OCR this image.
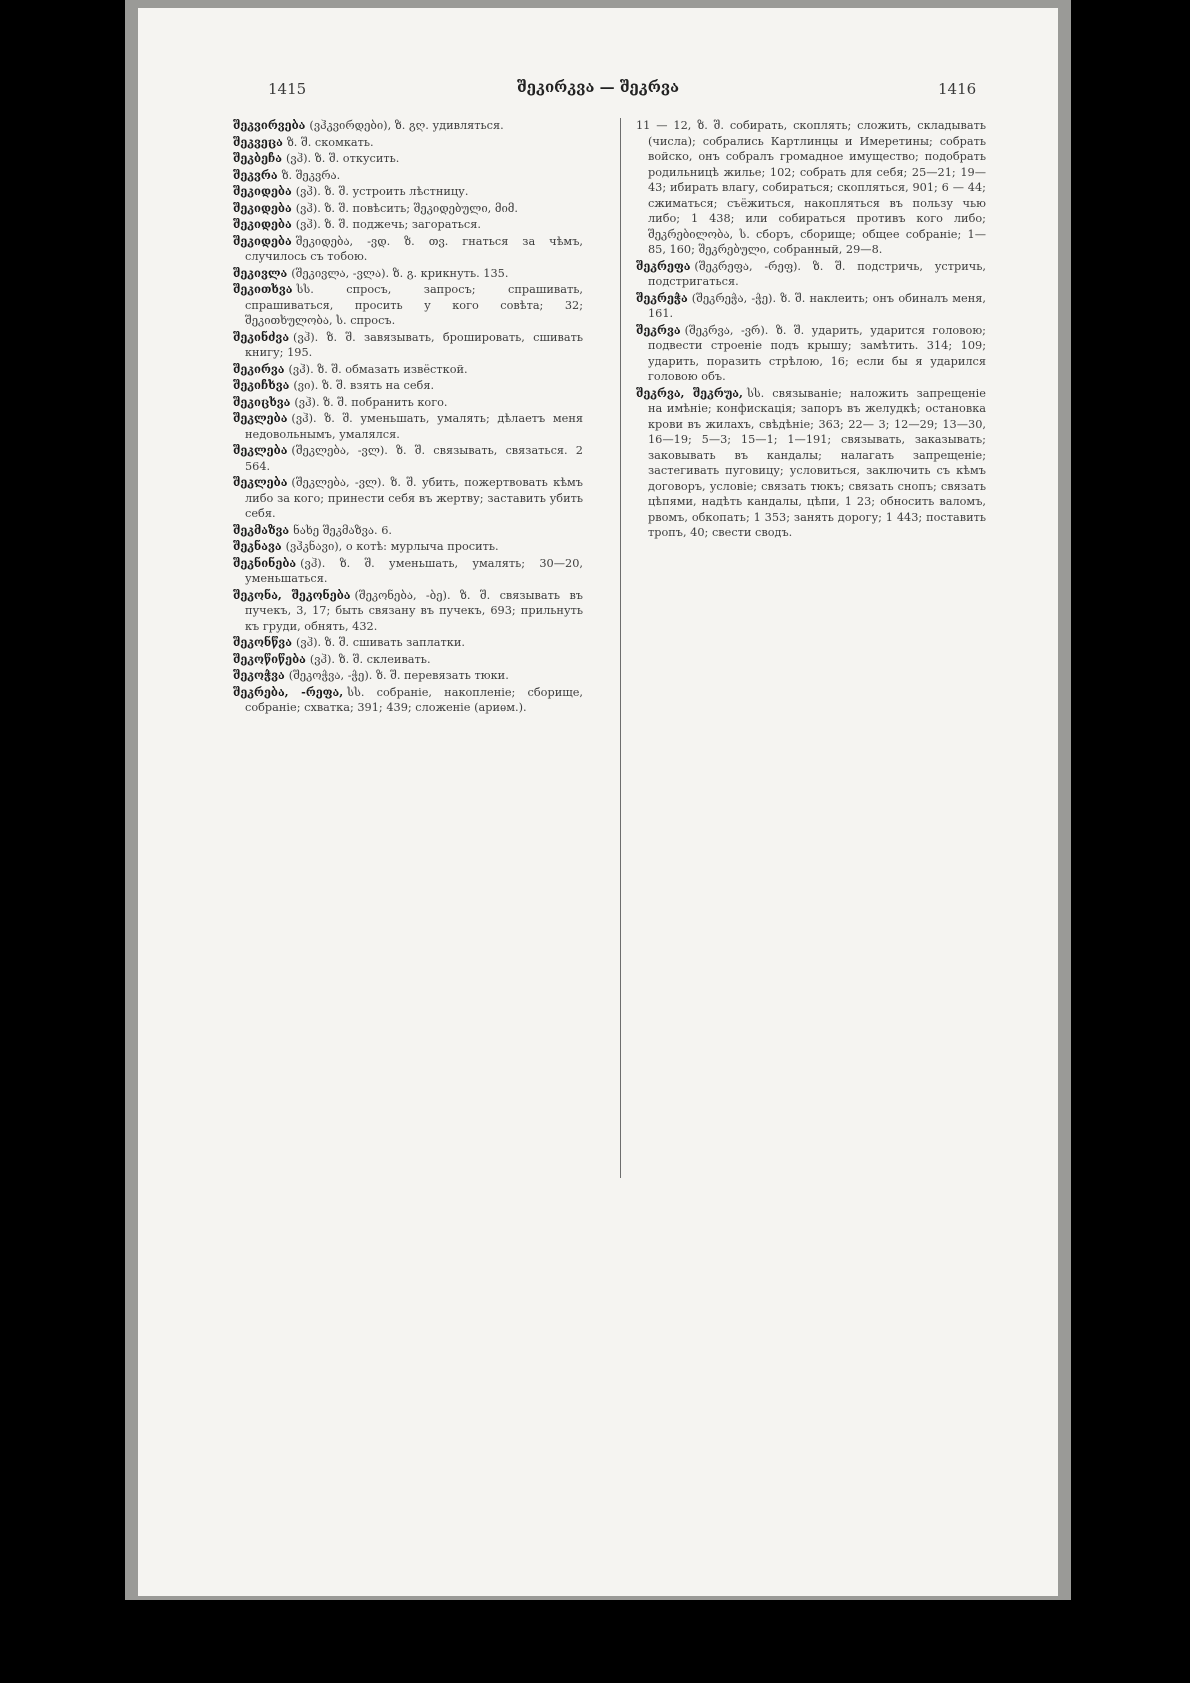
1415	შეკირკვა — შეკრვა	1416
შეკვირვება (ვჰკვირდები), ზ. გღ. удивляться.
შეკვეცა ზ. შ. скомкать.
შეკბეჩა (ვჰ). ზ. შ. откусить.
შეკვრა ზ. შეკვრა.
შეკიდება (ვჰ). ზ. შ. устроить лѣстницу.
შეკიდება (ვჰ). ზ. შ. повѣсить; შეკიდებული, მიმ.
შეკიდება (ვჰ). ზ. შ. поджечь; загораться.
შეკიდება შეკიდება, -ვდ. ზ. თვ. гнаться за чѣмъ, случилось съ тобою.
შეკივლა (შეკივლა, -ვლა). ზ. გ. крикнуть. 135.
შეკითხვა სს. спросъ, запросъ; спрашивать, спрашиваться, просить у кого совѣта; 32; შეკითხულობა, ს. спросъ.
შეკინძვა (ვჰ). ზ. შ. завязывать, брошировать, сшивать книгу; 195.
შეკირვა (ვჰ). ზ. შ. обмазать извёсткой.
შეკიჩხვა (ვი). ზ. შ. взять на себя.
შეკიცხვა (ვჰ). ზ. შ. побранить кого.
შეკლება (ვჰ). ზ. შ. уменьшать, умалять; дѣлаетъ меня недовольнымъ, умалялся.
შეკლება (შეკლება, -ვლ). ზ. შ. связывать, связаться. 2 564.
შეკლება (შეკლება, -ვლ). ზ. შ. убить, пожертвовать кѣмъ либо за кого; принести себя въ жертву; заставить убить себя.
შეკმაზვა ნახე შეკმაზვა. 6.
შეკნავა (ვჰკნავი), о котѣ: мурлыча просить.
შეკნინება (ვჰ). ზ. შ. уменьшать, умалять; 30—20, уменьшаться.
შეკონა, შეკონება (შეკონება, -ბე). ზ. შ. связывать въ пучекъ, 3, 17; быть связану въ пучекъ, 693; прильнуть къ груди, обнять, 432.
შეკონწვა (ვჰ). ზ. შ. сшивать заплатки.
შეკოწიწება (ვჰ). ზ. შ. склеивать.
შეკოჭვა (შეკოჭვა, -ჭე). ზ. შ. перевязать тюки.
შეკრება, -რეფა, სს. собраніе, накопленіе; сборище, собраніе; схватка; 391; 439; сложеніе (ариѳм.).
11 — 12, ზ. შ. собирать, скоплять; сложить, складывать (числа); собрались Картлинцы и Имеретины; собрать войско, онъ собралъ громадное имущество; подобрать родильницѣ жилье; 102; собрать для себя; 25—21; 19—43; ибирать влагу, собираться; скопляться, 901; 6 — 44; сжиматься; съёжиться, накопляться въ пользу чью либо; 1 438; или собираться противъ кого либо; შეკრებილობა, ს. сборъ, сборище; общее собраніе; 1—85, 160; შეკრებული, собранный, 29—8.
შეკრეფა (შეკრეფა, -რეფ). ზ. შ. подстричь, устричь, подстригаться.
შეკრეჭა (შეკრეჭა, -ჭე). ზ. შ. наклеить; онъ обиналъ меня, 161.
შეკრვა (შეკრვა, -ვრ). ზ. შ. ударить, ударится головою; подвести строеніе подъ крышу; замѣтить. 314; 109; ударить, поразить стрѣлою, 16; если бы я ударился головою объ.
შეკრვა, შეკრუა, სს. связываніе; наложить запрещеніе на имѣніе; конфискація; запоръ въ желудкѣ; остановка крови въ жилахъ, свѣдѣніе; 363; 22— 3; 12—29; 13—30, 16—19; 5—3; 15—1; 1—191; связывать, заказывать; заковывать въ кандалы; налагать запрещеніе; застегивать пуговицу; условиться, заключить съ кѣмъ договоръ, условіе; связать тюкъ; связать снопъ; связать цѣпями, надѣть кандалы, цѣпи, 1 23; обносить валомъ, рвомъ, обкопать; 1 353; занять дорогу; 1 443; поставить тропъ, 40; свести сводъ.
